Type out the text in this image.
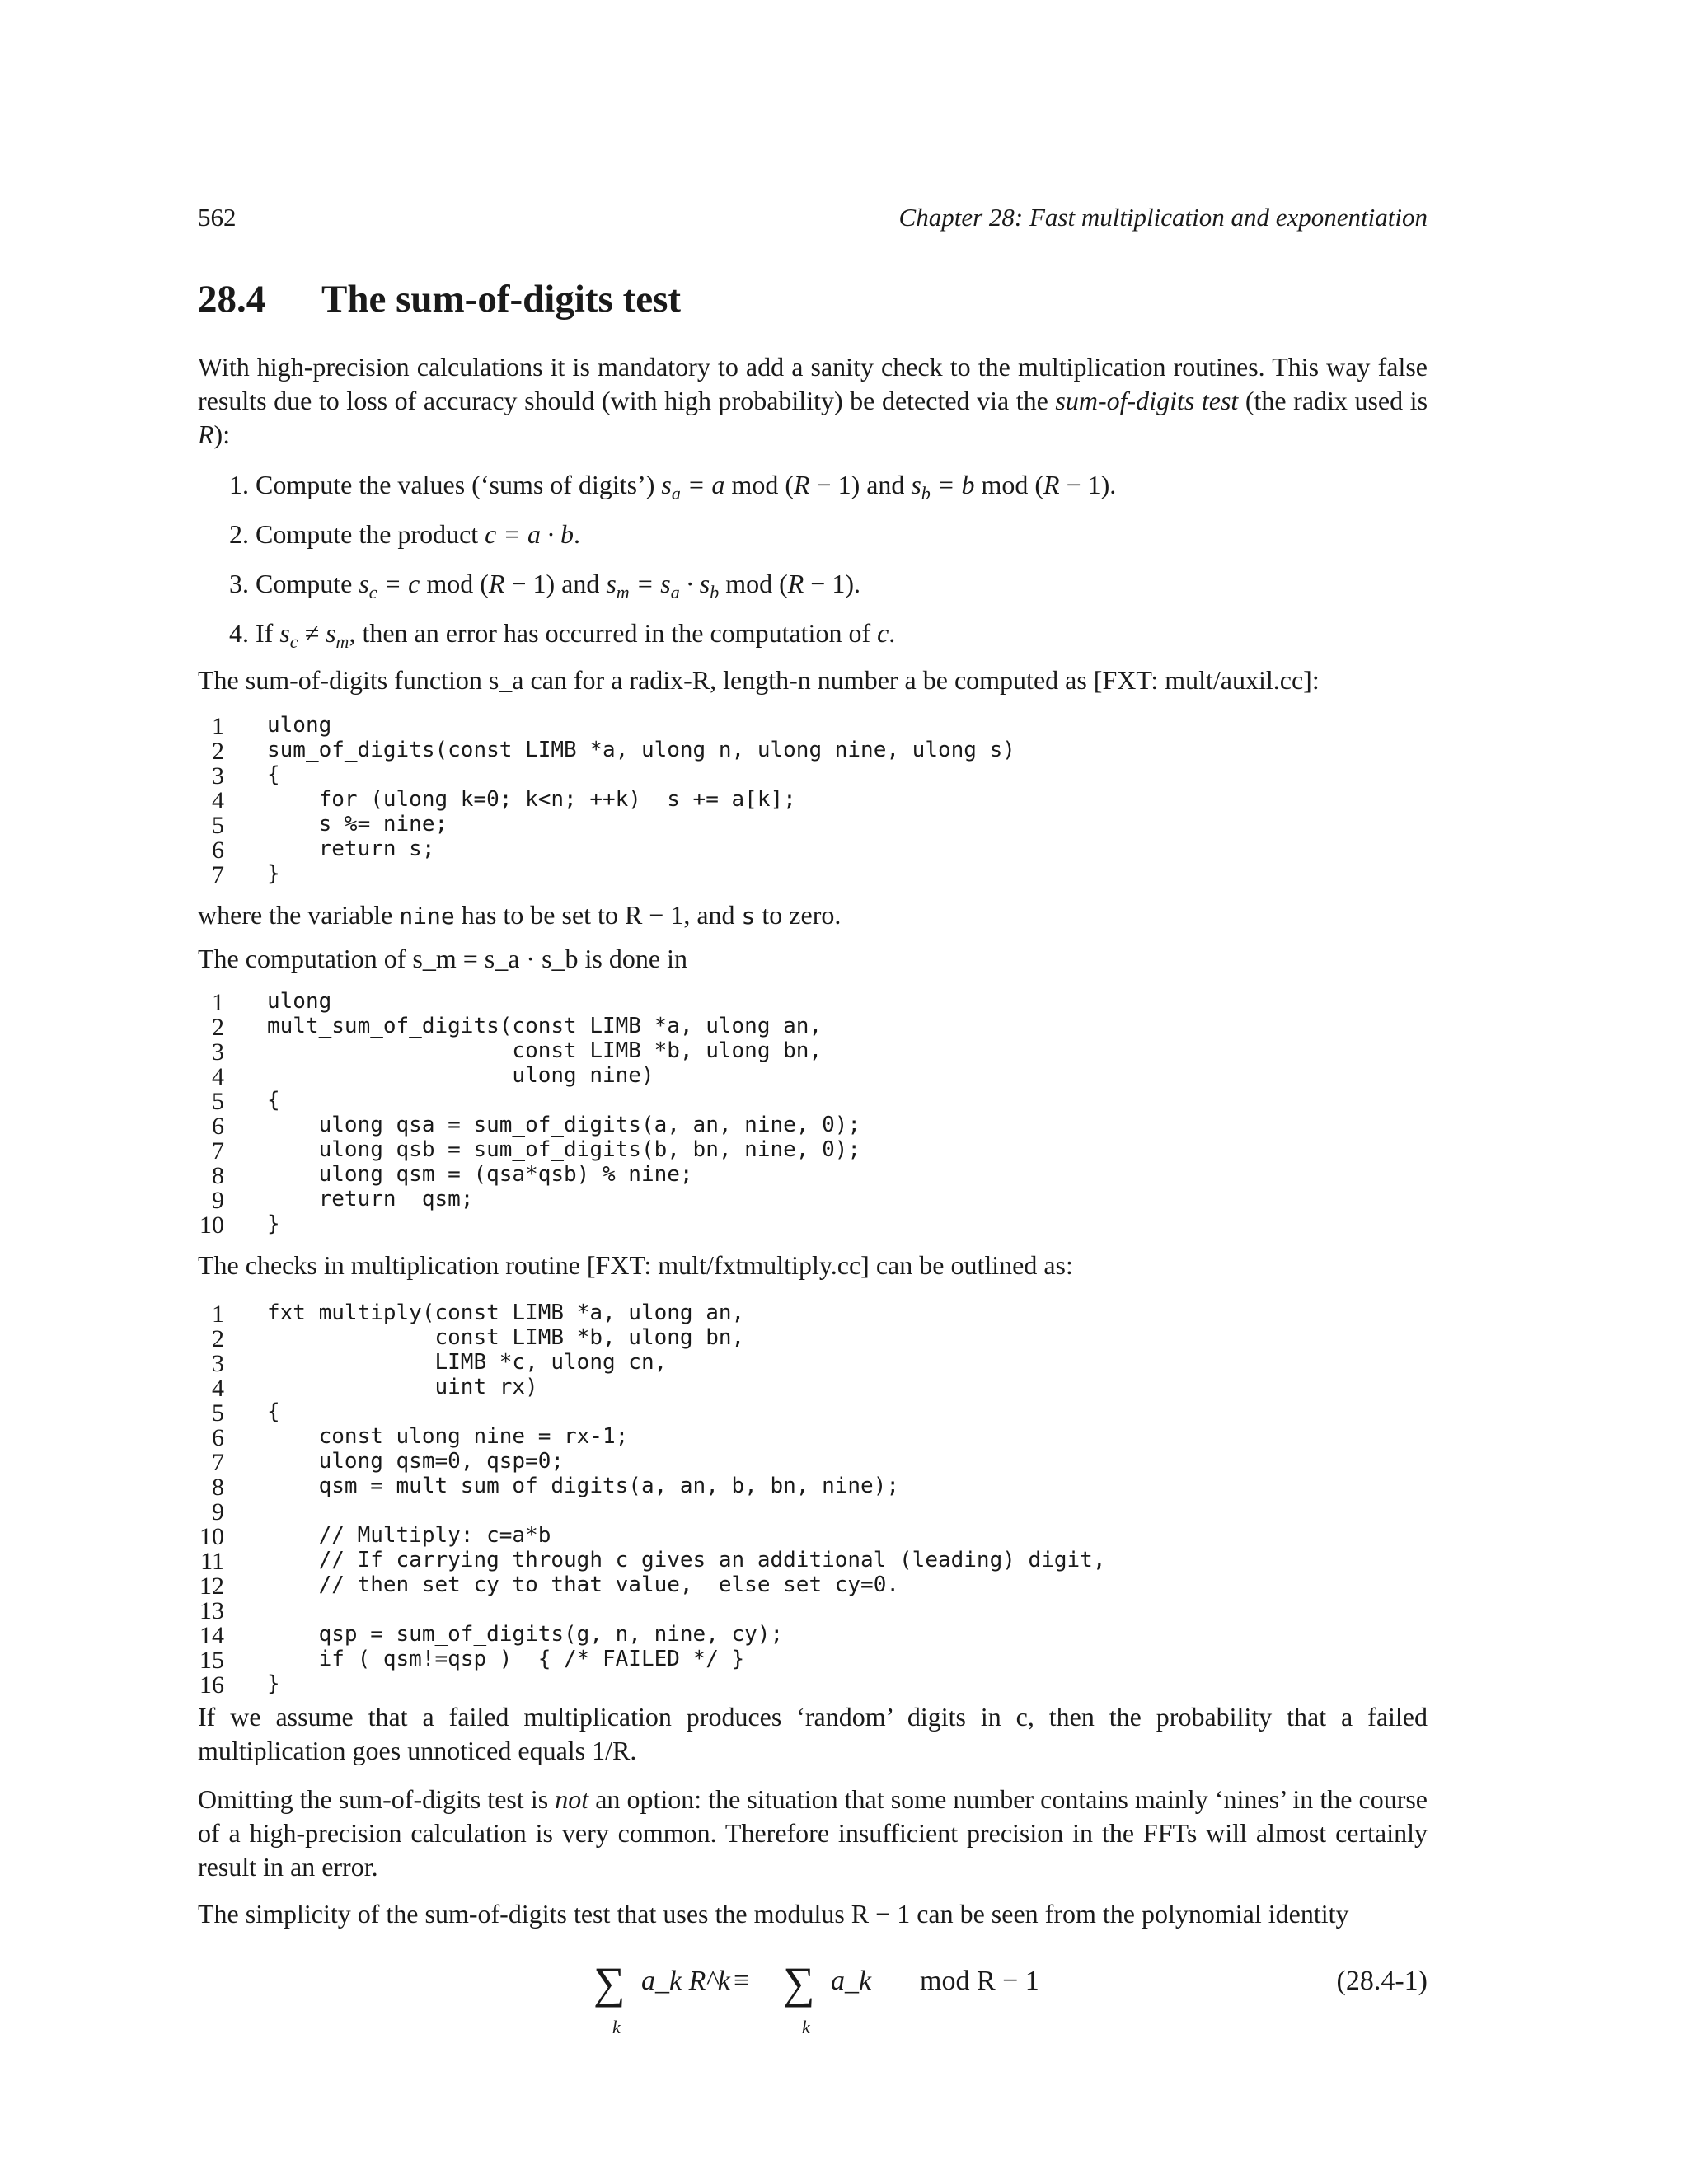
562	Chapter 28: Fast multiplication and exponentiation
28.4 The sum-of-digits test

With high-precision calculations it is mandatory to add a sanity check to the multiplication routines. This way false results due to loss of accuracy should (with high probability) be detected via the sum-of-digits test (the radix used is R):

1. Compute the values (‘sums of digits’) $s_a = a$ mod (R − 1) and $s_b = b$ mod (R − 1).
2. Compute the product c = a · b.
3. Compute $s_c = c$ mod (R − 1) and $s_m = s_a \cdot s_b$ mod (R − 1).
4. If $s_c \ne s_m$, then an error has occurred in the computation of c.

The sum-of-digits function s_a can for a radix-R, length-n number a be computed as [FXT: mult/auxil.cc]:

1 ulong
2 sum_of_digits(const LIMB *a, ulong n, ulong nine, ulong s)
3 {
4 for (ulong k=0; k<n; ++k)  s += a[k];
5 s %= nine;
6 return s;
7 }

where the variable nine has to be set to R − 1, and s to zero.

The computation of s_m = s_a · s_b is done in

1 ulong
2 mult_sum_of_digits(const LIMB *a, ulong an,
3 const LIMB *b, ulong bn,
4 ulong nine)
5 {
6 ulong qsa = sum_of_digits(a, an, nine, 0);
7 ulong qsb = sum_of_digits(b, bn, nine, 0);
8 ulong qsm = (qsa*qsb) % nine;
9 return  qsm;
10 }

The checks in multiplication routine [FXT: mult/fxtmultiply.cc] can be outlined as:

1 fxt_multiply(const LIMB *a, ulong an,
2 const LIMB *b, ulong bn,
3 LIMB *c, ulong cn,
4 uint rx)
5 {
6 const ulong nine = rx-1;
7 ulong qsm=0, qsp=0;
8 qsm = mult_sum_of_digits(a, an, b, bn, nine);
9
10 // Multiply: c=a*b
11 // If carrying through c gives an additional (leading) digit,
12 // then set cy to that value,  else set cy=0.
13
14 qsp = sum_of_digits(g, n, nine, cy);
15 if ( qsm!=qsp )  { /* FAILED */ }
16 }

If we assume that a failed multiplication produces ‘random’ digits in c, then the probability that a failed multiplication goes unnoticed equals 1/R.

Omitting the sum-of-digits test is not an option: the situation that some number contains mainly ‘nines’ in the course of a high-precision calculation is very common. Therefore insufficient precision in the FFTs will almost certainly result in an error.

The simplicity of the sum-of-digits test that uses the modulus R − 1 can be seen from the polynomial identity

∑
k
a_k R^k ≡ ∑
k
a_k mod R − 1	(28.4-1)
